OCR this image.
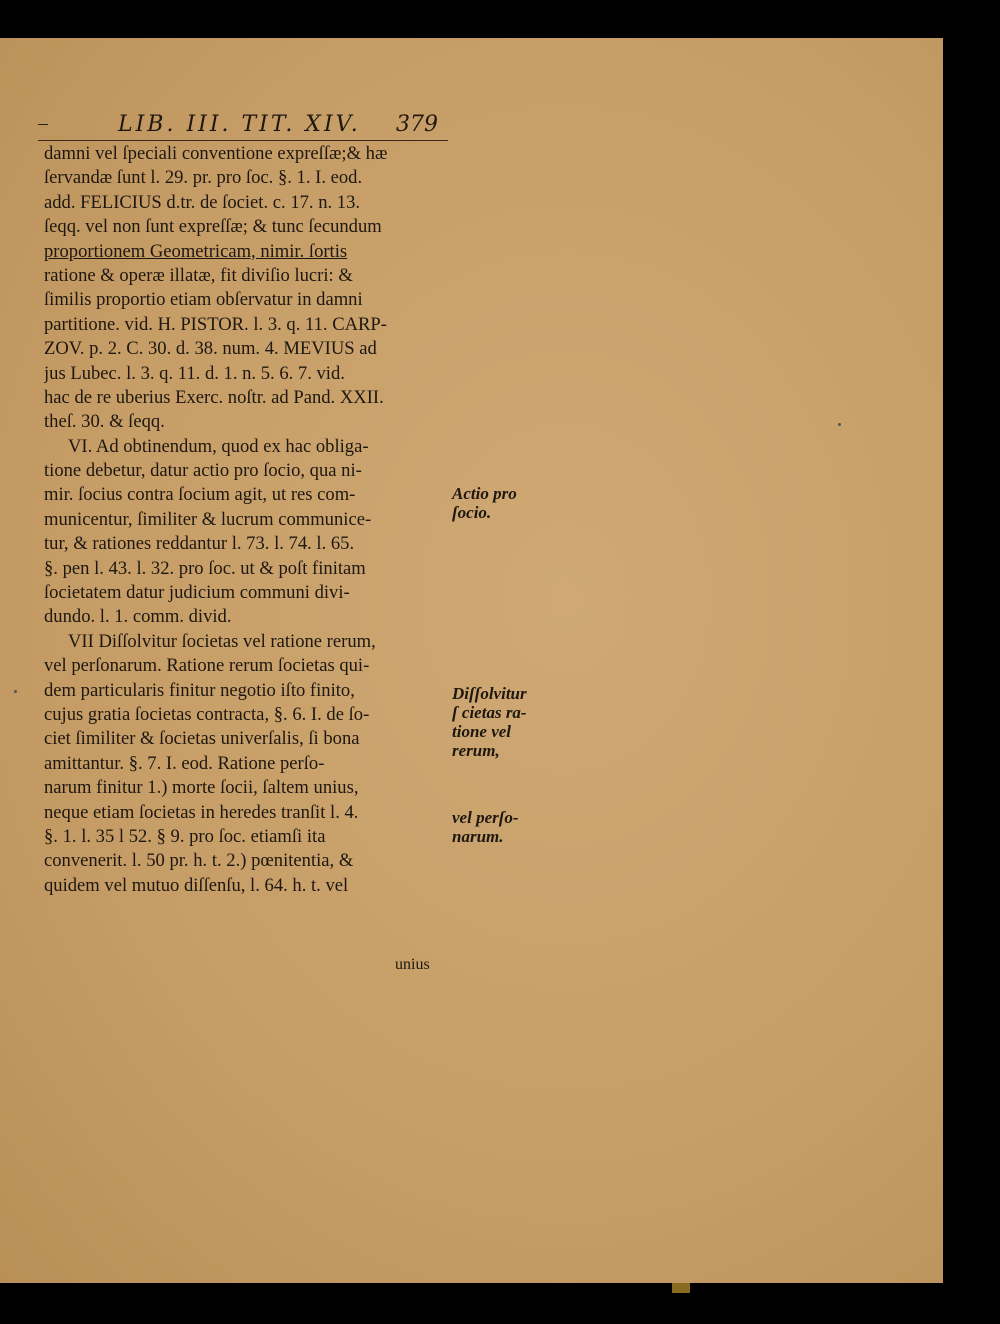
LIB. III. TIT. XIV. 379
damni vel ſpeciali conventione expreſſæ;& hæ
ſervandæ ſunt l. 29. pr. pro ſoc. §. 1. I. eod.
add. FELICIUS d.tr. de ſociet. c. 17. n. 13.
ſeqq. vel non ſunt expreſſæ; & tunc ſecundum
proportionem Geometricam, nimir. ſortis
ratione & operæ illatæ, fit diviſio lucri: &
ſimilis proportio etiam obſervatur in damni
partitione. vid. H. PISTOR. l. 3. q. 11. CARP-
ZOV. p. 2. C. 30. d. 38. num. 4. MEVIUS ad
jus Lubec. l. 3. q. 11. d. 1. n. 5. 6. 7. vid.
hac de re uberius Exerc. noſtr. ad Pand. XXII.
theſ. 30. & ſeqq.
VI. Ad obtinendum, quod ex hac obliga-
tione debetur, datur actio pro ſocio, qua ni-
mir. ſocius contra ſocium agit, ut res com-
municentur, ſimiliter & lucrum communice-
tur, & rationes reddantur l. 73. l. 74. l. 65.
§. pen l. 43. l. 32. pro ſoc. ut & poſt finitam
ſocietatem datur judicium communi divi-
dundo. l. 1. comm. divid.
VII Diſſolvitur ſocietas vel ratione rerum,
vel perſonarum. Ratione rerum ſocietas qui-
dem particularis finitur negotio iſto finito,
cujus gratia ſocietas contracta, §. 6. I. de ſo-
ciet ſimiliter & ſocietas univerſalis, ſi bona
amittantur. §. 7. I. eod. Ratione perſo-
narum finitur 1.) morte ſocii, ſaltem unius,
neque etiam ſocietas in heredes tranſit l. 4.
§. 1. l. 35 l 52. § 9. pro ſoc. etiamſi ita
convenerit. l. 50 pr. h. t. 2.) pœnitentia, &
quidem vel mutuo diſſenſu, l. 64. h. t. vel
Actio pro
ſocio.
Diſſolvitur
ſ cietas ra-
tione vel
rerum,
vel perſo-
narum.
unius
